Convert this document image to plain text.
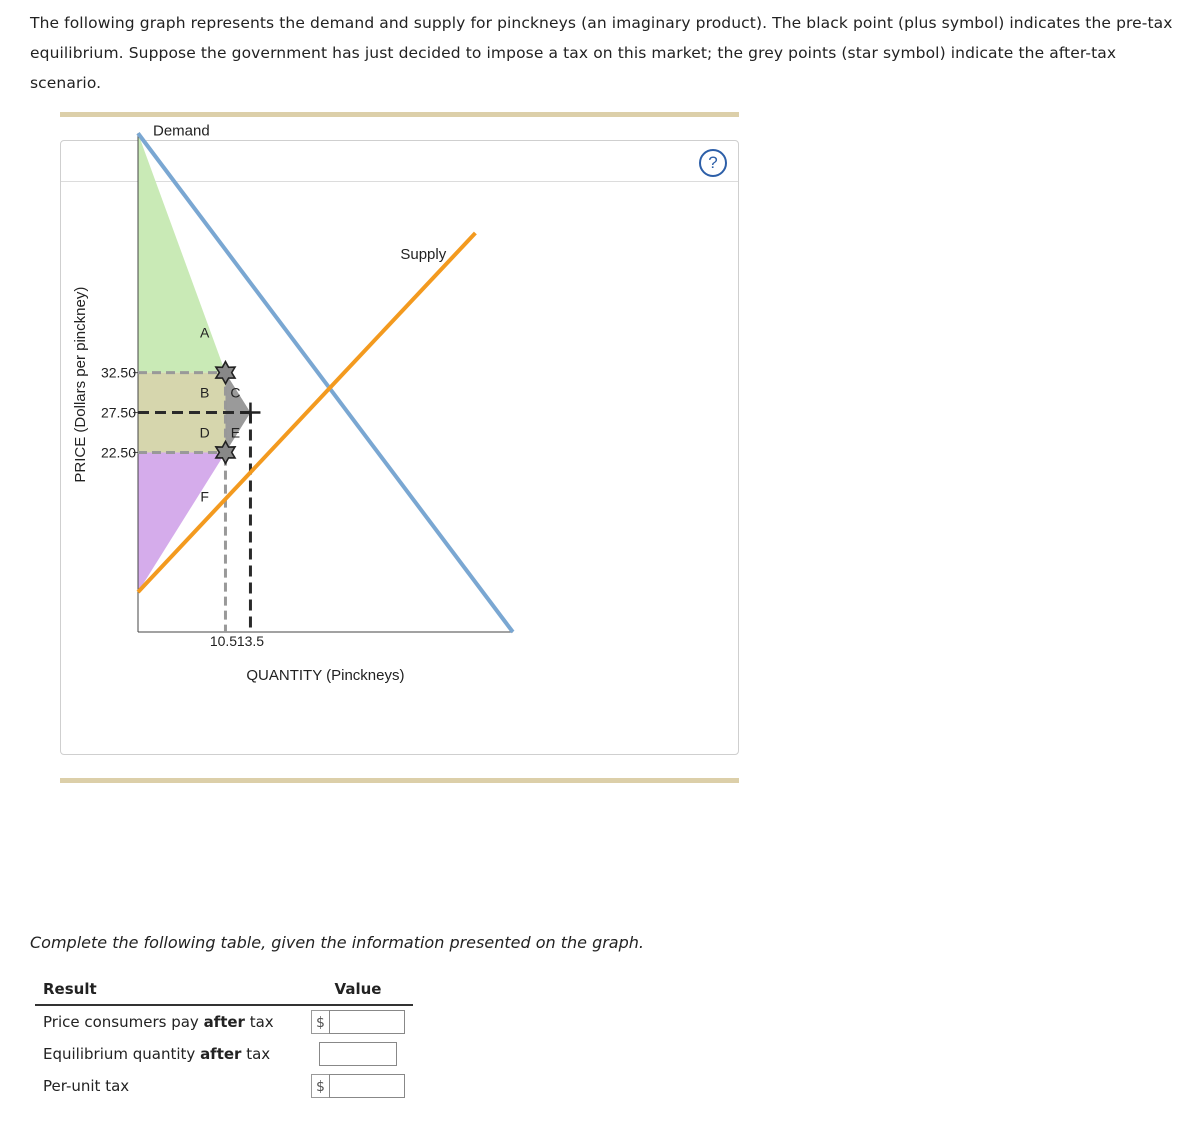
The following graph represents the demand and supply for pinckneys (an imaginary product). The black point (plus symbol) indicates the pre-tax equilibrium. Suppose the government has just decided to impose a tax on this market; the grey points (star symbol) indicate the after-tax scenario.
?
Demand
Supply
A
B C
D E
F
32.50
27.50
22.50
10.5 13.5
QUANTITY (Pinckneys)
PRICE (Dollars per pinckney)
Complete the following table, given the information presented on the graph.
Result	Value
Price consumers pay after tax	$

Equilibrium quantity after tax	

Per-unit tax	$
